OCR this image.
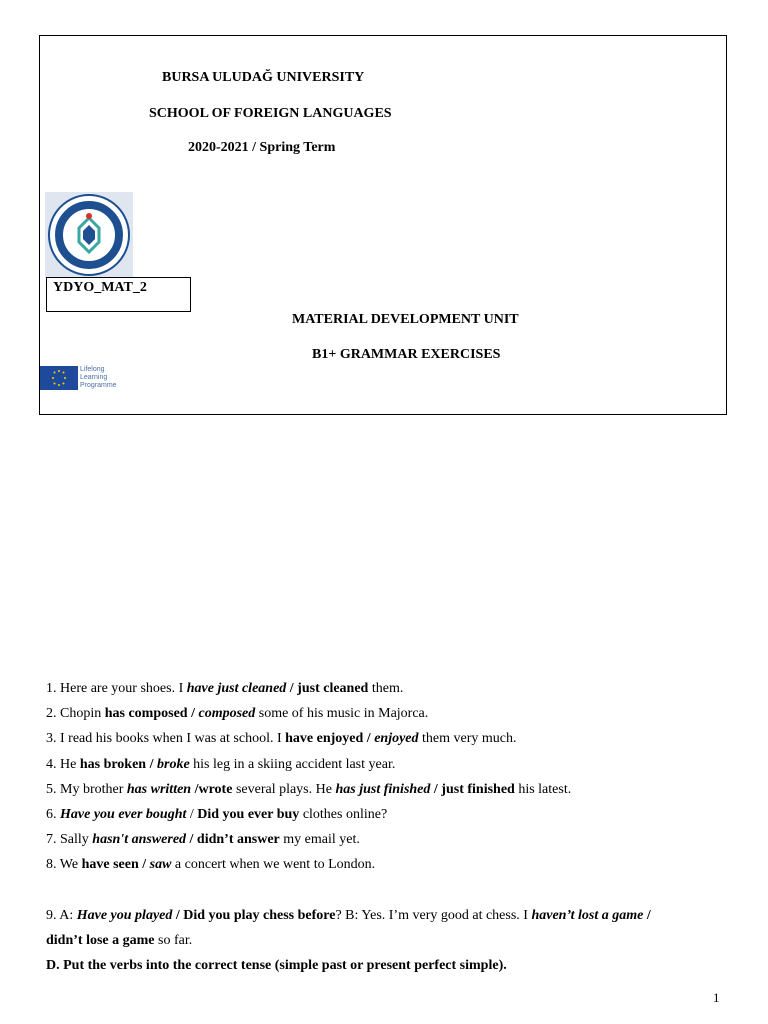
BURSA ULUDAĞ UNIVERSITY
SCHOOL OF FOREIGN LANGUAGES
2020-2021 / Spring Term
YDYO_MAT_2
MATERIAL DEVELOPMENT UNIT
B1+ GRAMMAR EXERCISES
Lifelong
Learning
Programme

1. Here are your shoes. I have just cleaned / just cleaned them.

2. Chopin has composed / composed some of his music in Majorca.

3. I read his books when I was at school. I have enjoyed / enjoyed them very much.

4. He has broken / broke his leg in a skiing accident last year.

5. My brother has written /wrote several plays. He has just finished / just finished his latest.

6. Have you ever bought / Did you ever buy clothes online?

7. Sally hasn't answered / didn’t answer my email yet.

8. We have seen / saw a concert when we went to London.

9. A: Have you played / Did you play chess before? B: Yes. I’m very good at chess. I haven’t lost a game /

didn’t lose a game so far.

D. Put the verbs into the correct tense (simple past or present perfect simple).

1
